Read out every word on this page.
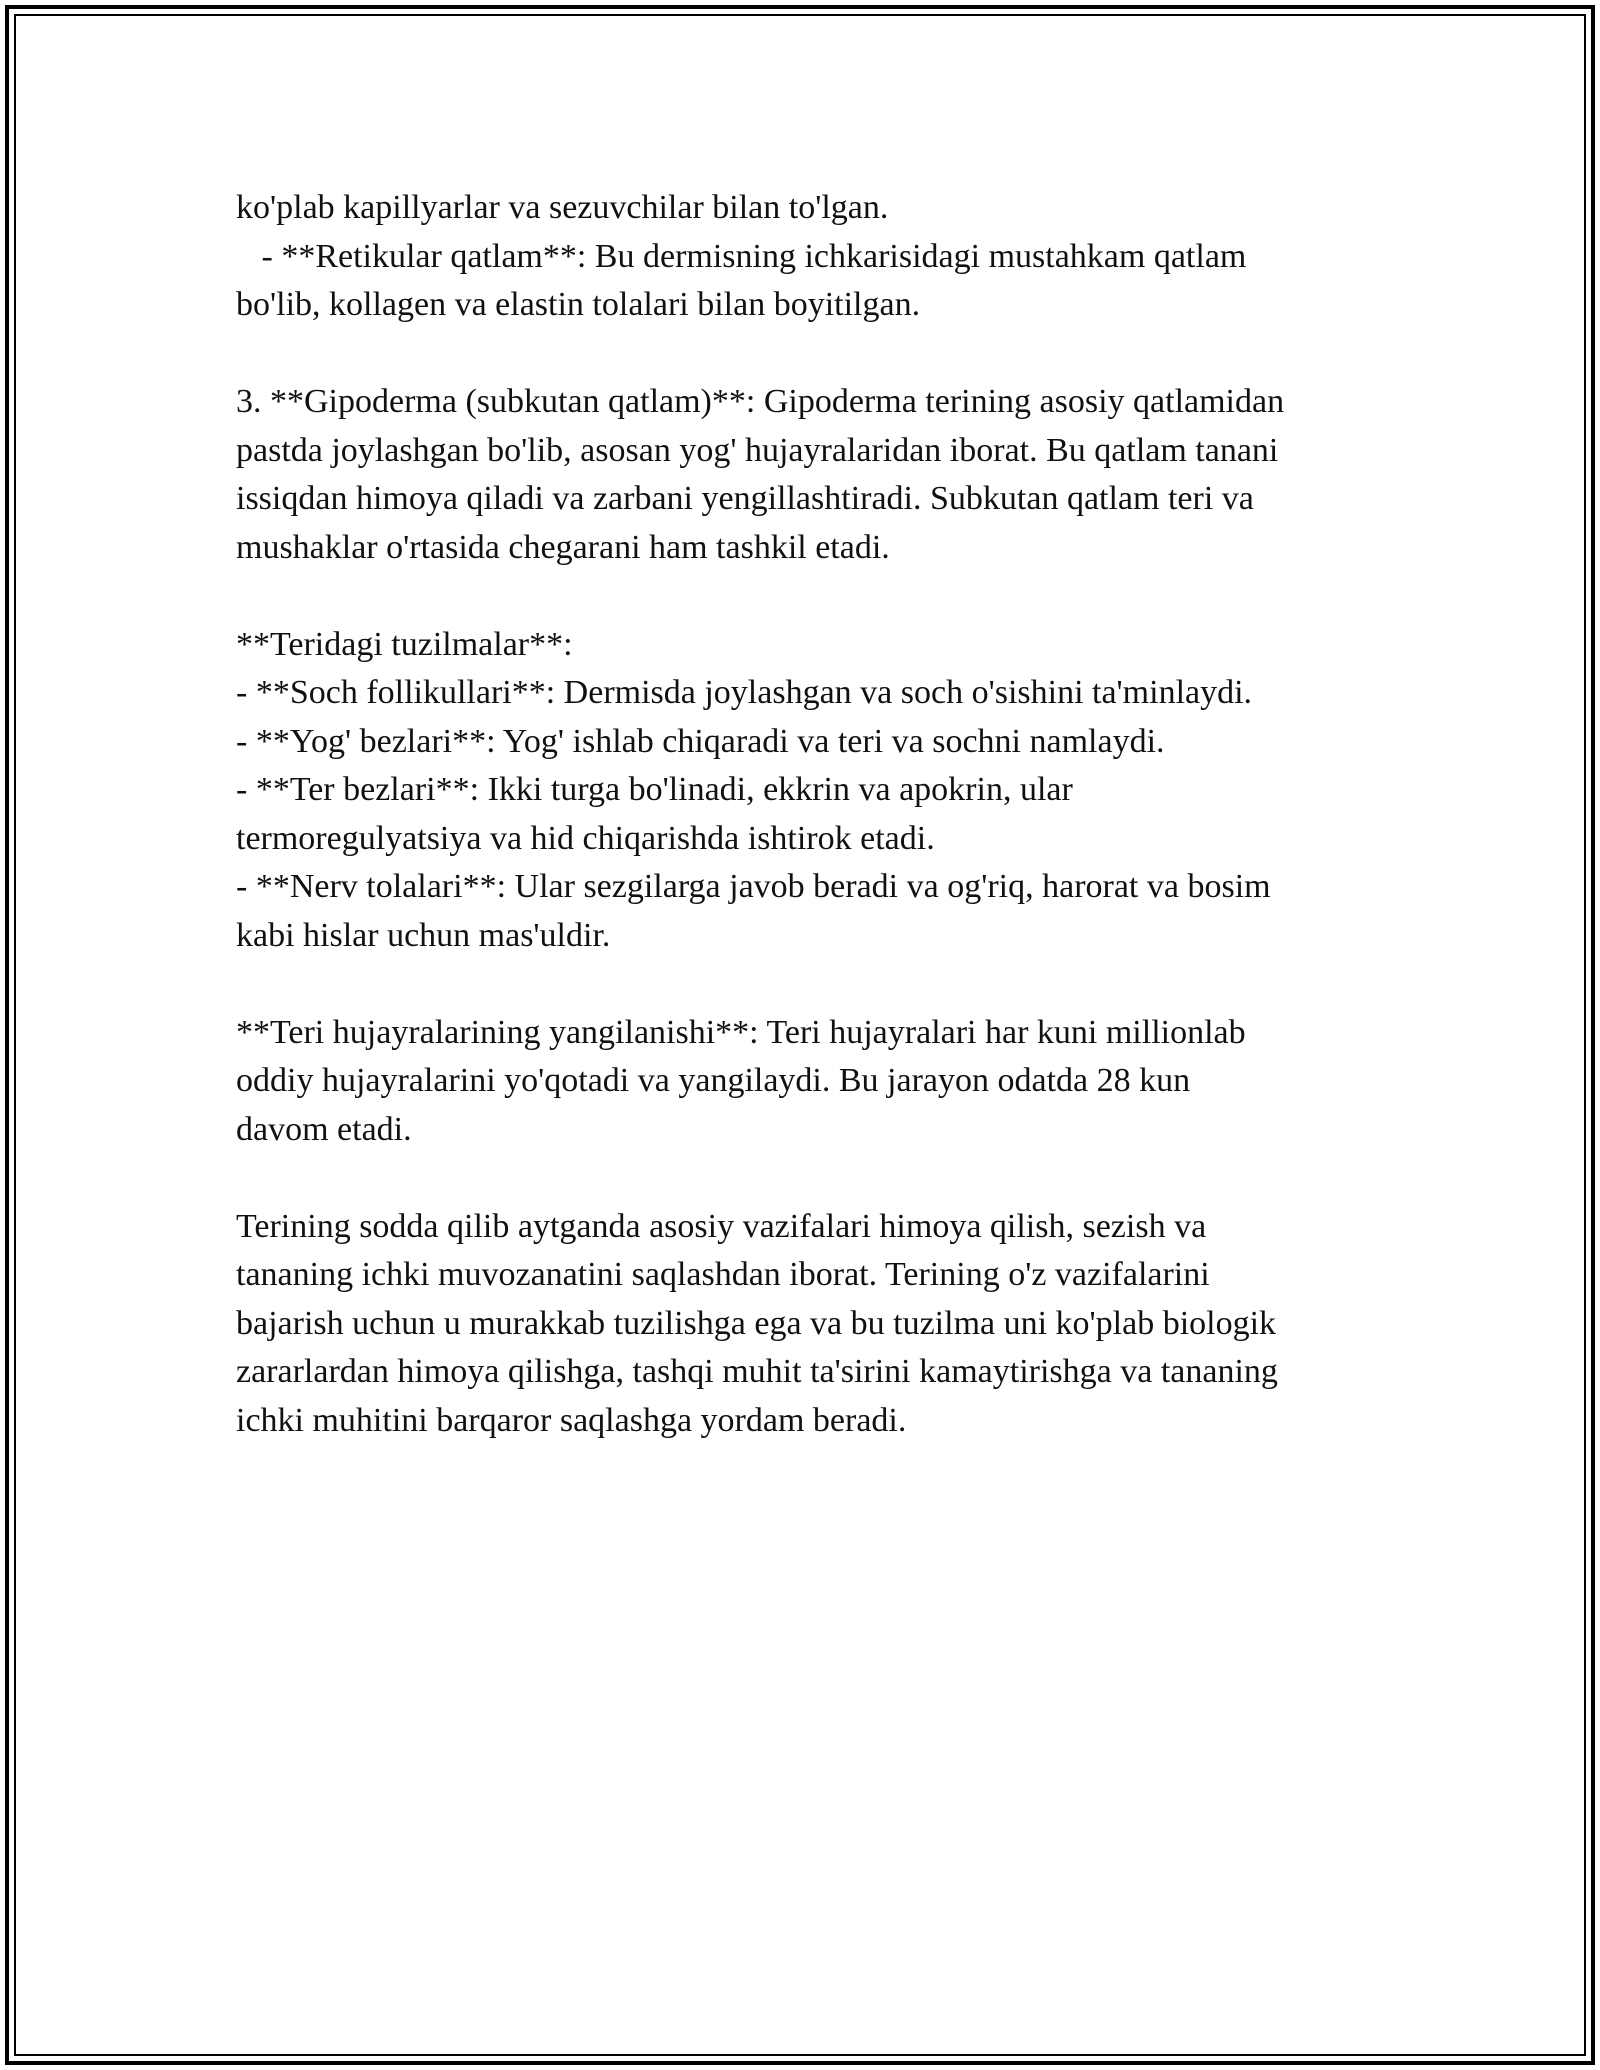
ko'plab kapillyarlar va sezuvchilar bilan to'lgan.
- **Retikular qatlam**: Bu dermisning ichkarisidagi mustahkam qatlam
bo'lib, kollagen va elastin tolalari bilan boyitilgan.
3. **Gipoderma (subkutan qatlam)**: Gipoderma terining asosiy qatlamidan
pastda joylashgan bo'lib, asosan yog' hujayralaridan iborat. Bu qatlam tanani
issiqdan himoya qiladi va zarbani yengillashtiradi. Subkutan qatlam teri va
mushaklar o'rtasida chegarani ham tashkil etadi.
**Teridagi tuzilmalar**:
- **Soch follikullari**: Dermisda joylashgan va soch o'sishini ta'minlaydi.
- **Yog' bezlari**: Yog' ishlab chiqaradi va teri va sochni namlaydi.
- **Ter bezlari**: Ikki turga bo'linadi, ekkrin va apokrin, ular
termoregulyatsiya va hid chiqarishda ishtirok etadi.
- **Nerv tolalari**: Ular sezgilarga javob beradi va og'riq, harorat va bosim
kabi hislar uchun mas'uldir.
**Teri hujayralarining yangilanishi**: Teri hujayralari har kuni millionlab
oddiy hujayralarini yo'qotadi va yangilaydi. Bu jarayon odatda 28 kun
davom etadi.
Terining sodda qilib aytganda asosiy vazifalari himoya qilish, sezish va
tananing ichki muvozanatini saqlashdan iborat. Terining o'z vazifalarini
bajarish uchun u murakkab tuzilishga ega va bu tuzilma uni ko'plab biologik
zararlardan himoya qilishga, tashqi muhit ta'sirini kamaytirishga va tananing
ichki muhitini barqaror saqlashga yordam beradi.
